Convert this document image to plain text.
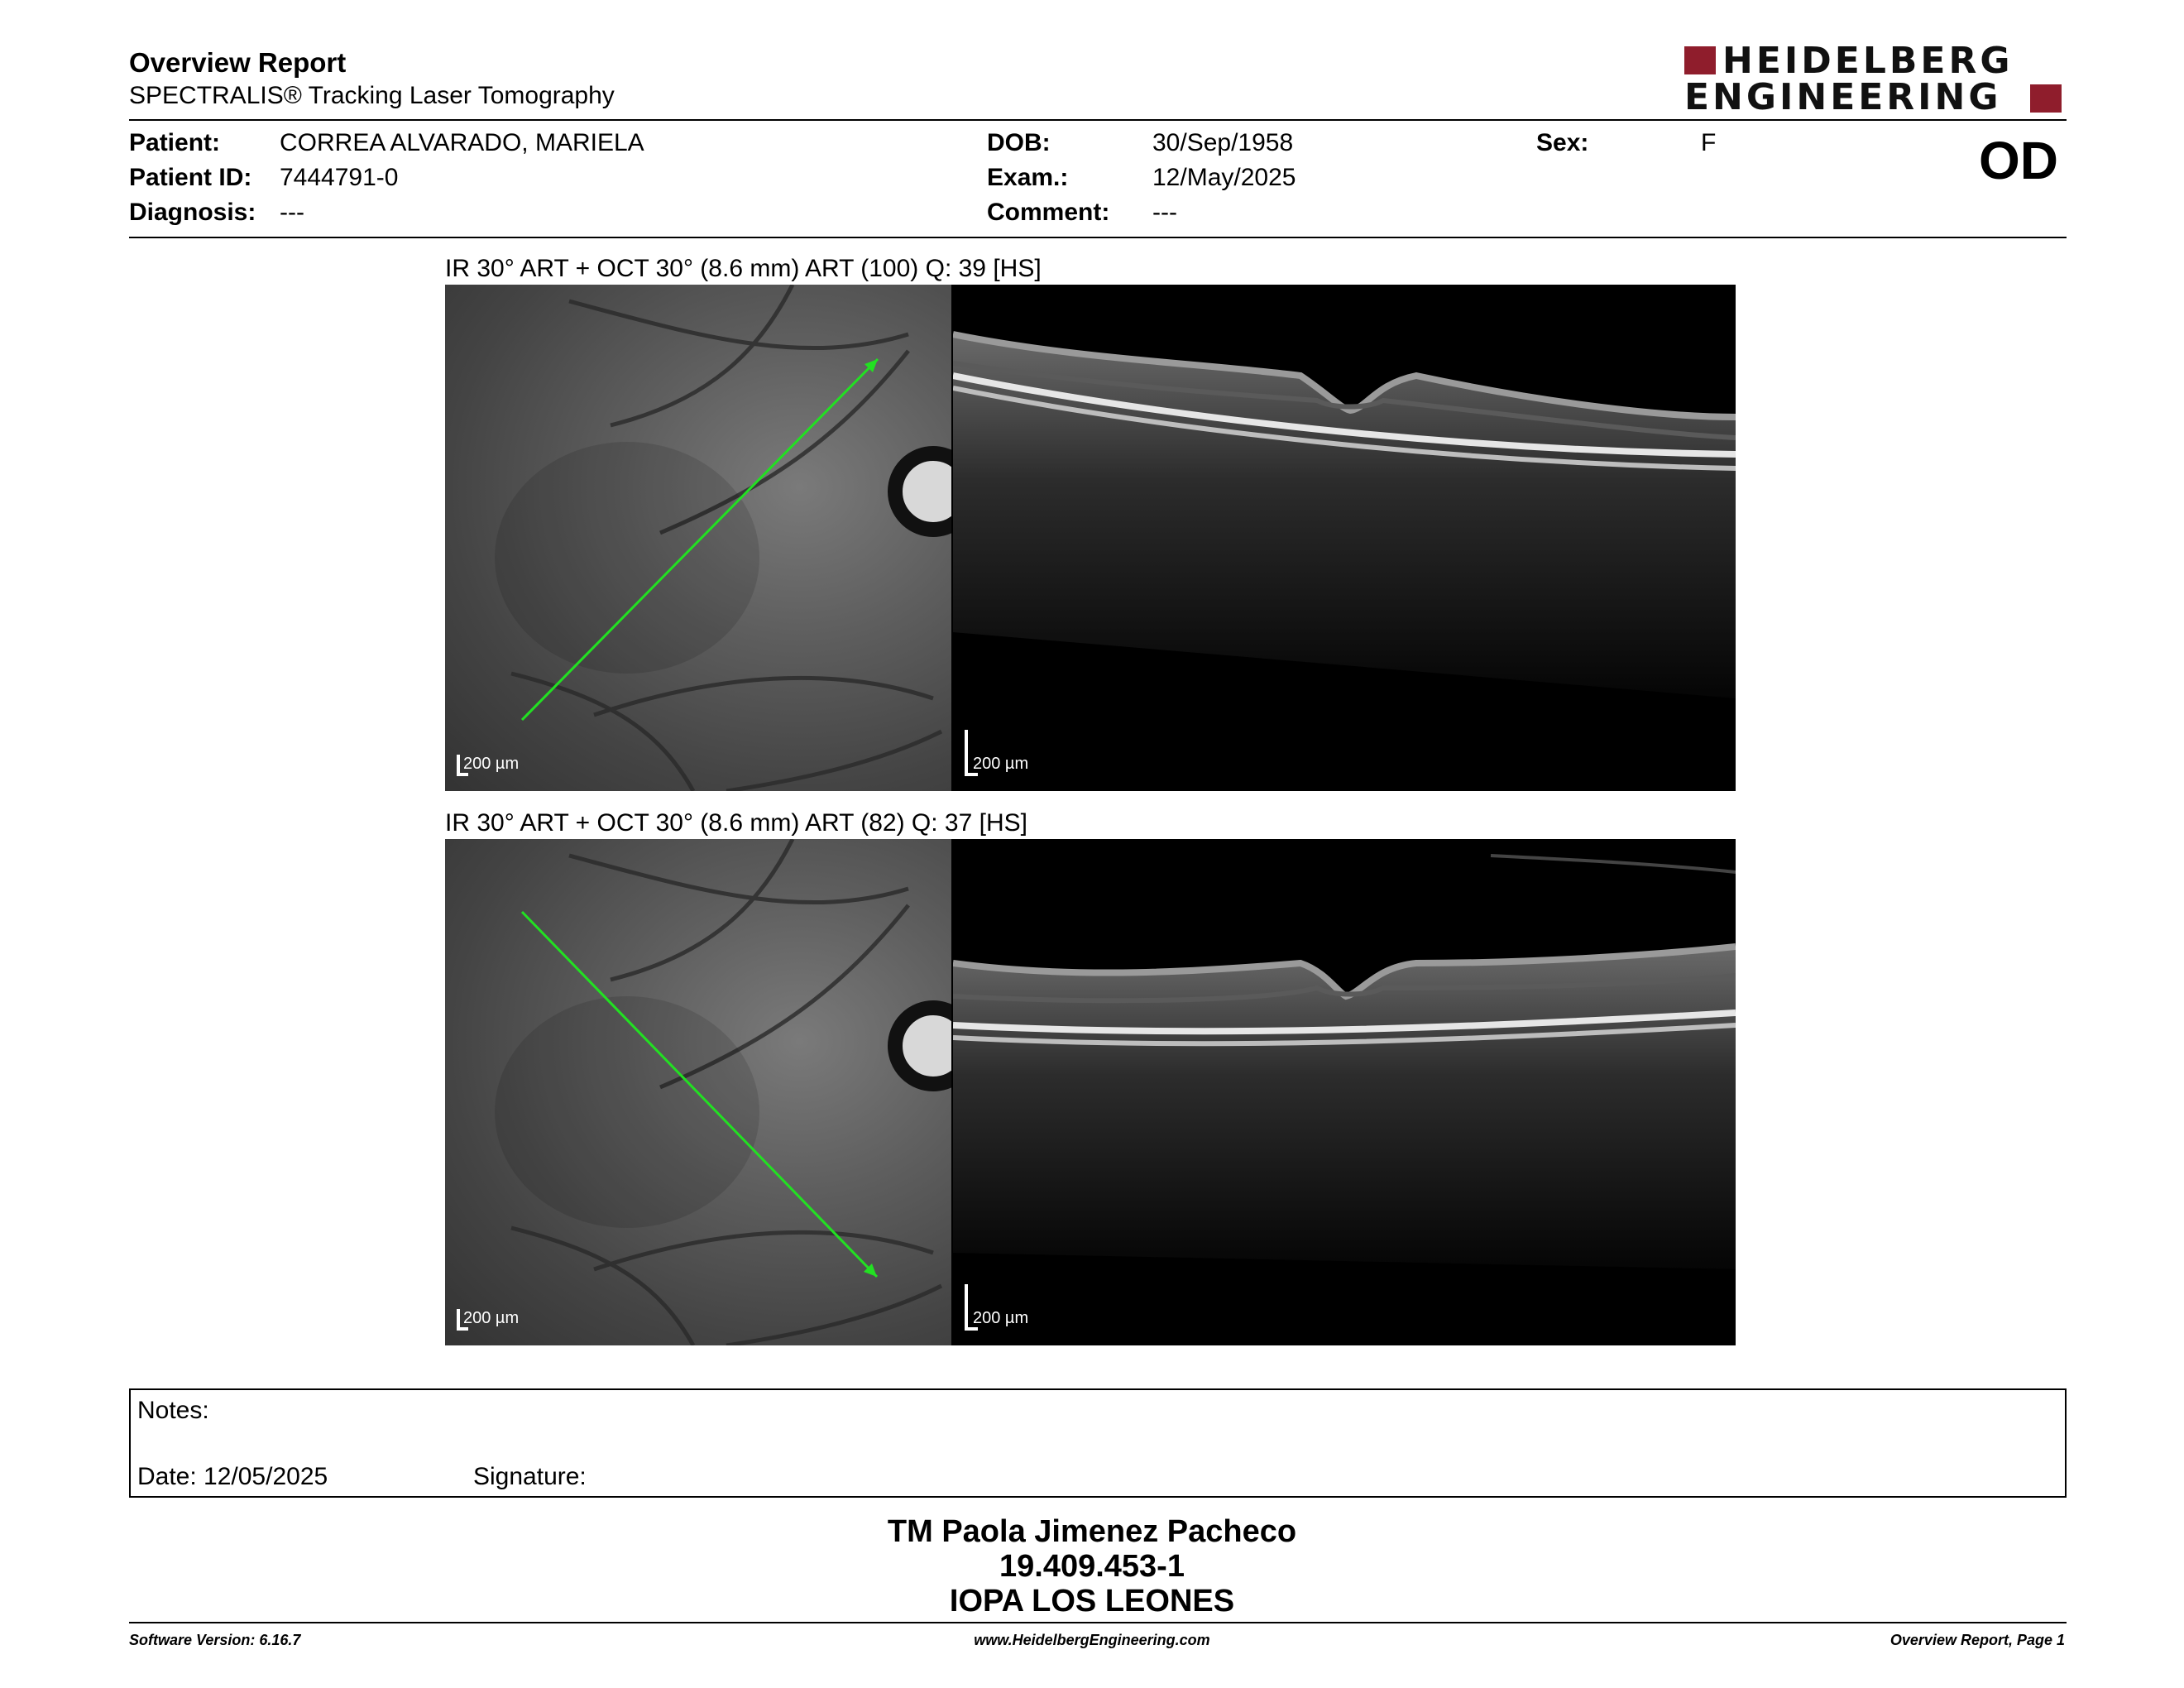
Overview Report
SPECTRALIS® Tracking Laser Tomography
HEIDELBERG
ENGINEERING
Patient: CORREA ALVARADO, MARIELA
Patient ID: 7444791-0
Diagnosis: ---
DOB:	30/Sep/1958
Exam.:	12/May/2025
Comment: ---
Sex:	F	OD
IR 30° ART + OCT 30° (8.6 mm) ART (100) Q: 39 [HS]
200 µm	200 µm
IR 30° ART + OCT 30° (8.6 mm) ART (82) Q: 37 [HS]
200 µm	200 µm
Notes:
Date: 12/05/2025	Signature:
TM Paola Jimenez Pacheco
19.409.453-1
IOPA LOS LEONES
Software Version: 6.16.7	www.HeidelbergEngineering.com	Overview Report, Page 1
